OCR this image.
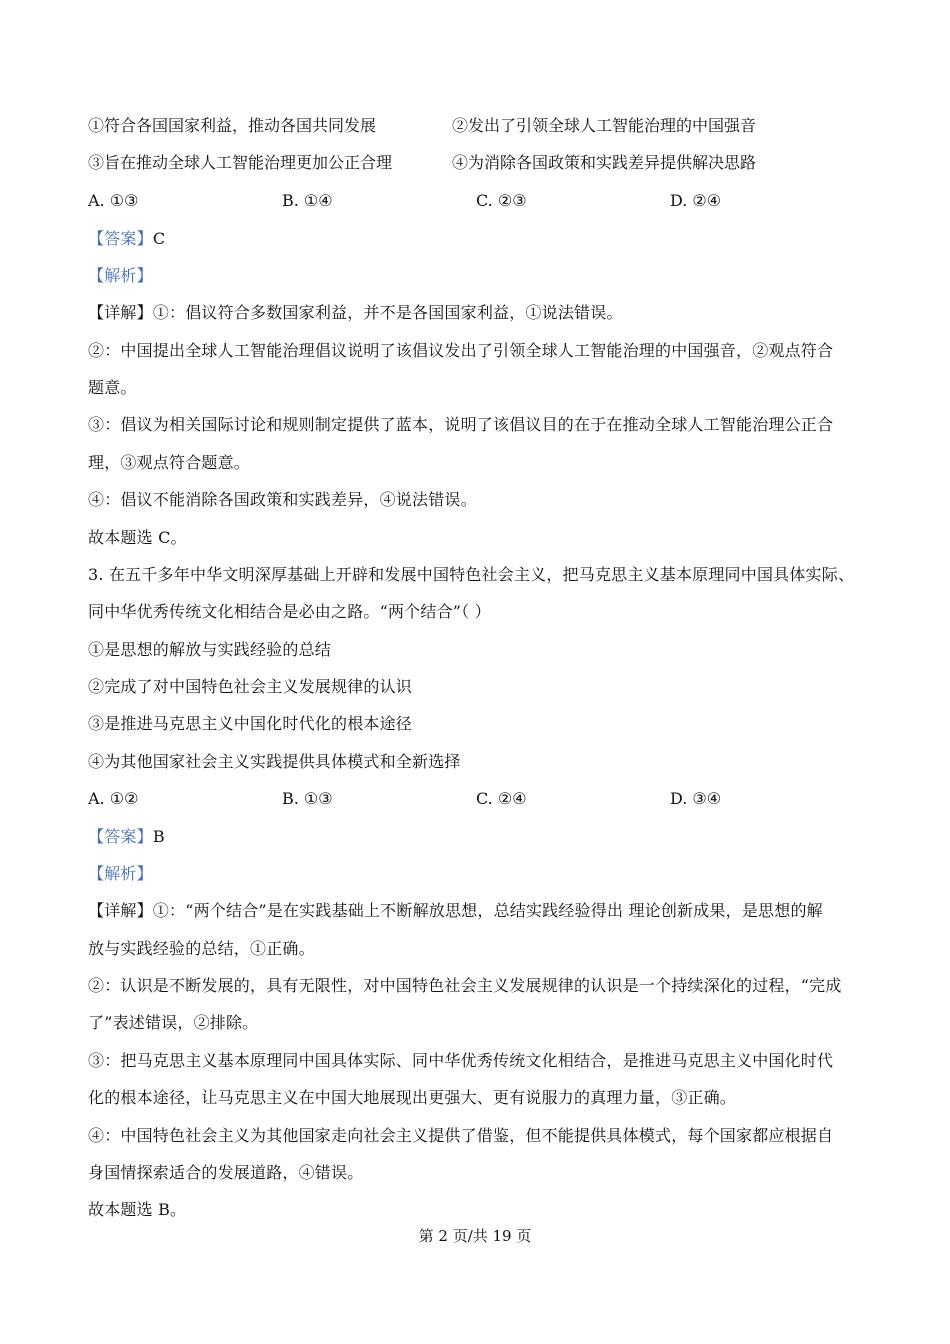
①符合各国国家利益，推动各国共同发展	②发出了引领全球人工智能治理的中国强音
③旨在推动全球人工智能治理更加公正合理	④为消除各国政策和实践差异提供解决思路
A. ①③	B. ①④	C. ②③	D. ②④
【答案】C
【解析】
【详解】①：倡议符合多数国家利益，并不是各国国家利益，①说法错误。
②：中国提出全球人工智能治理倡议说明了该倡议发出了引领全球人工智能治理的中国强音，②观点符合
题意。
③：倡议为相关国际讨论和规则制定提供了蓝本，说明了该倡议目的在于在推动全球人工智能治理公正合
理，③观点符合题意。
④：倡议不能消除各国政策和实践差异，④说法错误。
故本题选 C。
3. 在五千多年中华文明深厚基础上开辟和发展中国特色社会主义，把马克思主义基本原理同中国具体实际、
同中华优秀传统文化相结合是必由之路。“两个结合”（ ）
①是思想的解放与实践经验的总结
②完成了对中国特色社会主义发展规律的认识
③是推进马克思主义中国化时代化的根本途径
④为其他国家社会主义实践提供具体模式和全新选择
A. ①②	B. ①③	C. ②④	D. ③④
【答案】B
【解析】
【详解】①：“两个结合”是在实践基础上不断解放思想，总结实践经验得出 理论创新成果，是思想的解
放与实践经验的总结，①正确。
②：认识是不断发展的，具有无限性，对中国特色社会主义发展规律的认识是一个持续深化的过程，“完成
了”表述错误，②排除。
③：把马克思主义基本原理同中国具体实际、同中华优秀传统文化相结合，是推进马克思主义中国化时代
化的根本途径，让马克思主义在中国大地展现出更强大、更有说服力的真理力量，③正确。
④：中国特色社会主义为其他国家走向社会主义提供了借鉴，但不能提供具体模式，每个国家都应根据自
身国情探索适合的发展道路，④错误。
故本题选 B。
第 2 页/共 19 页
